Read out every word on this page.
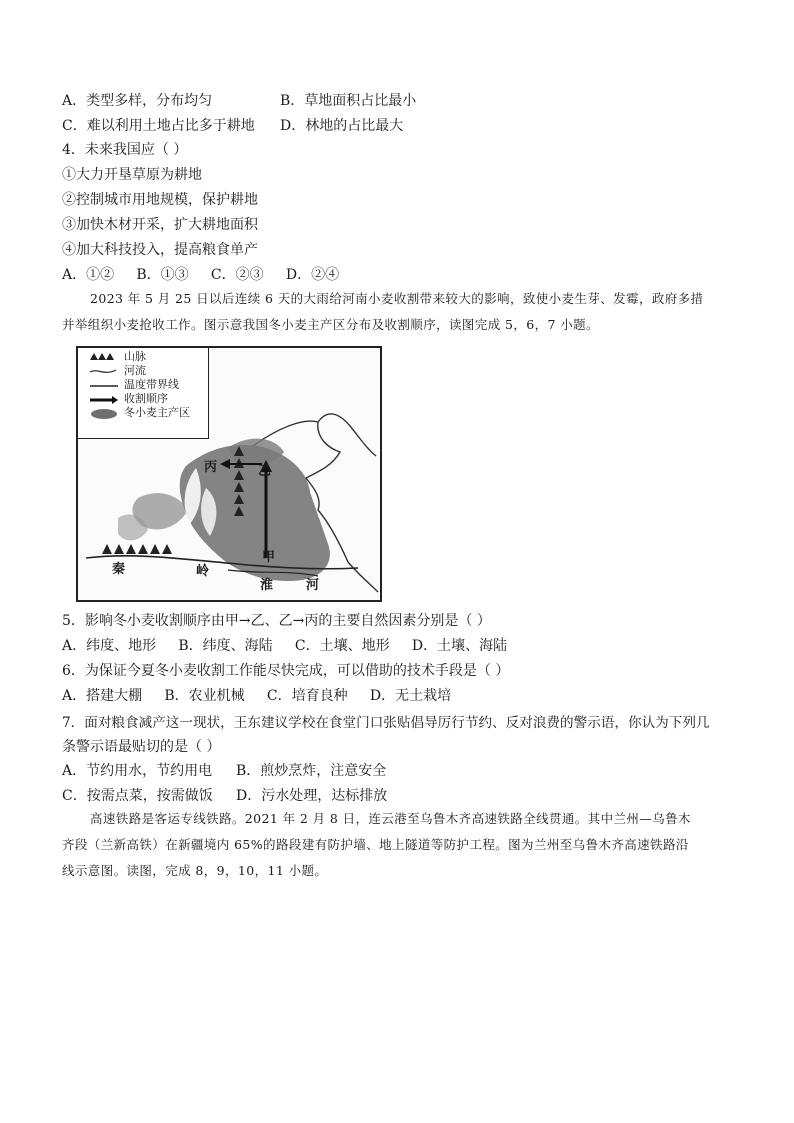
A．类型多样，分布均匀	B．草地面积占比最小
C．难以利用土地占比多于耕地 D．林地的占比最大
4．未来我国应（ ）
①大力开垦草原为耕地
②控制城市用地规模，保护耕地
③加快木材开采，扩大耕地面积
④加大科技投入，提高粮食单产
A．①②     B．①③     C．②③     D．②④
2023 年 5 月 25 日以后连续 6 天的大雨给河南小麦收割带来较大的影响，致使小麦生芽、发霉，政府多措
并举组织小麦抢收工作。图示意我国冬小麦主产区分布及收割顺序，读图完成 5，6，7 小题。
山脉
河流
温度带界线
收割顺序
冬小麦主产区
丙	乙
甲
秦	岭
淮	河
5．影响冬小麦收割顺序由甲→乙、乙→丙的主要自然因素分别是（ ）
A．纬度、地形     B．纬度、海陆     C．土壤、地形     D．土壤、海陆
6．为保证今夏冬小麦收割工作能尽快完成，可以借助的技术手段是（ ）
A．搭建大棚     B．农业机械     C．培育良种     D．无土栽培
7．面对粮食减产这一现状，王东建议学校在食堂门口张贴倡导厉行节约、反对浪费的警示语，你认为下列几
条警示语最贴切的是（ ）
A．节约用水，节约用电 B．煎炒烹炸，注意安全
C．按需点菜，按需做饭 D．污水处理，达标排放
高速铁路是客运专线铁路。2021 年 2 月 8 日，连云港至乌鲁木齐高速铁路全线贯通。其中兰州—乌鲁木
齐段（兰新高铁）在新疆境内 65%的路段建有防护墙、地上隧道等防护工程。图为兰州至乌鲁木齐高速铁路沿
线示意图。读图，完成 8，9，10，11 小题。
